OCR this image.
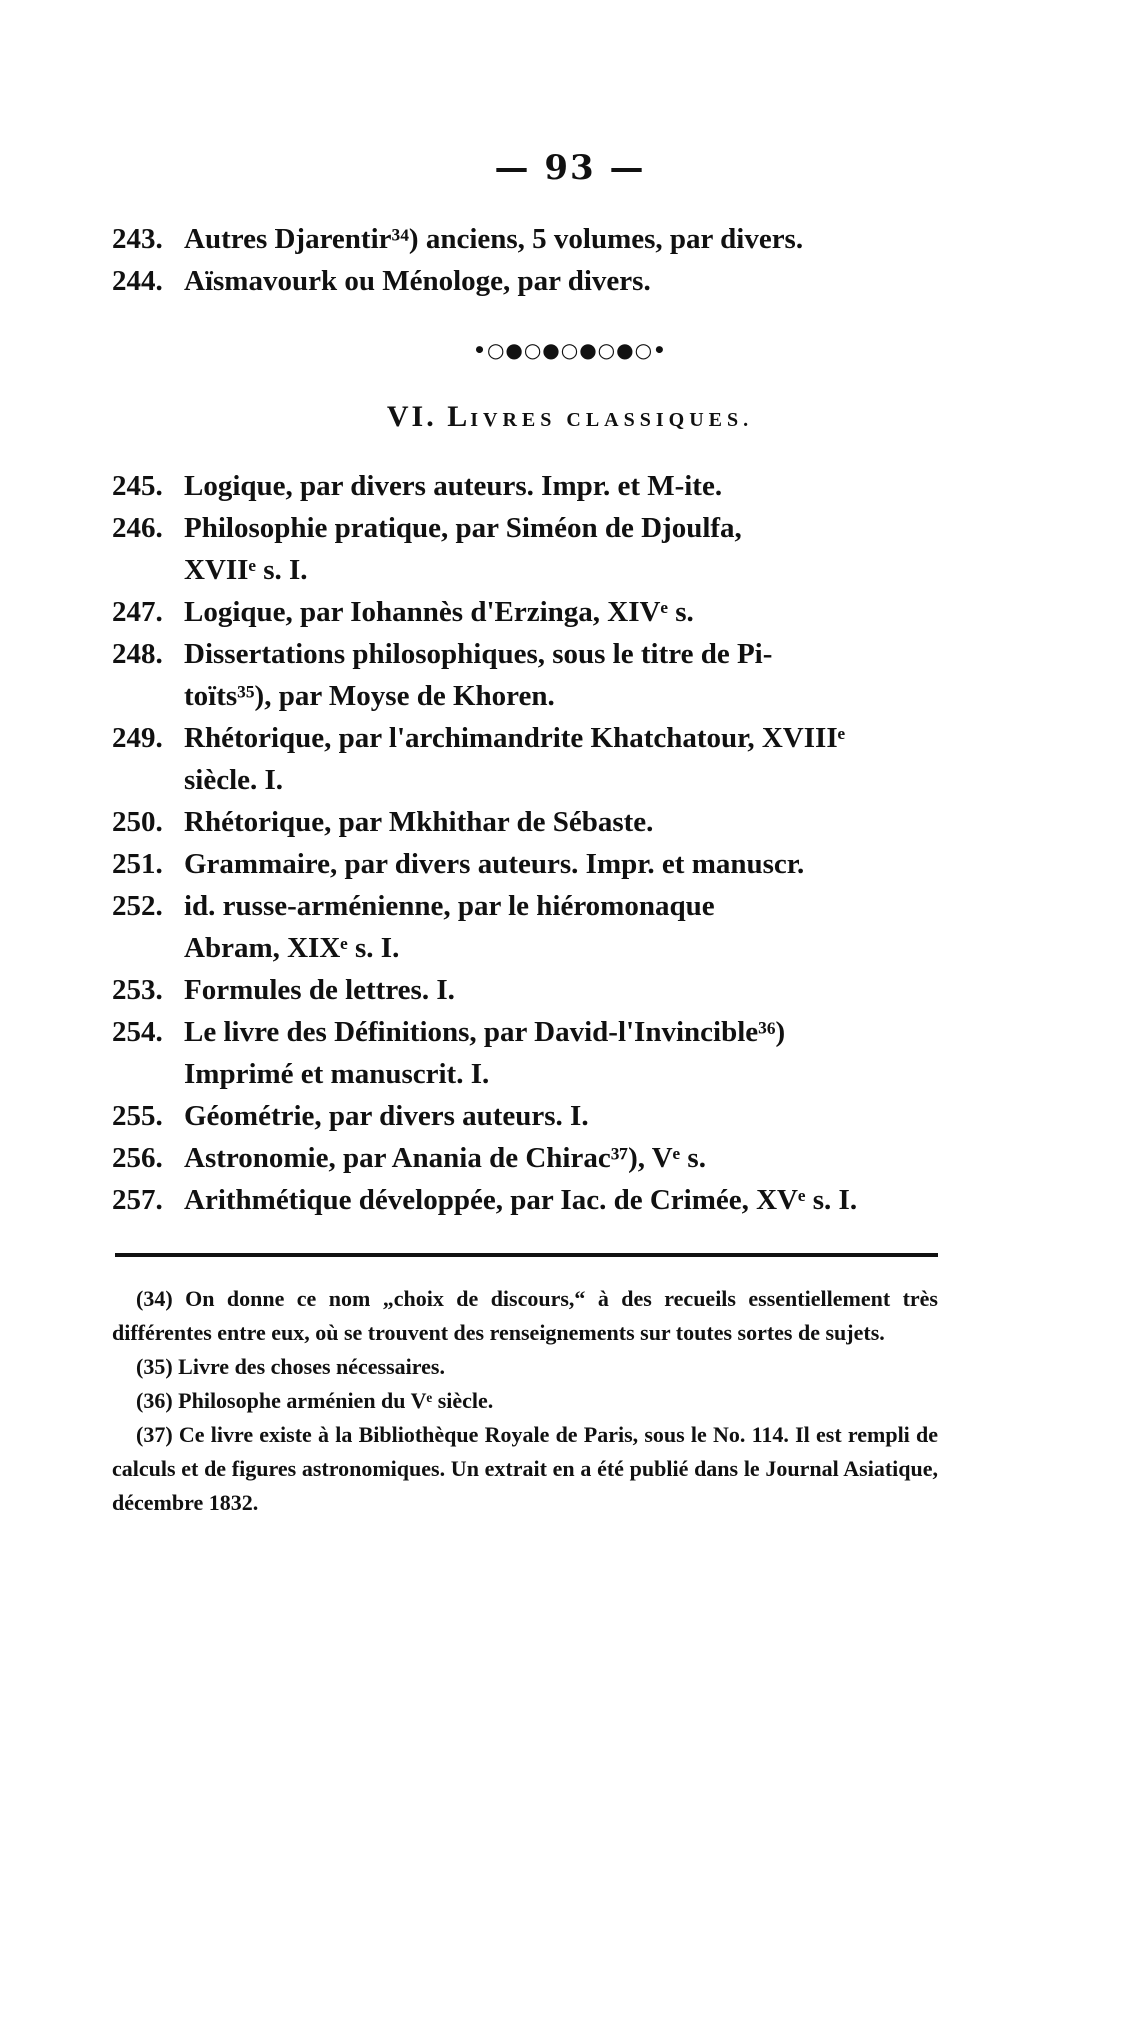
— 93 —
243. Autres Djarentir³⁴) anciens, 5 volumes, par divers.
244. Aïsmavourk ou Ménologe, par divers.
•○●○●○●○●○•
VI. LIVRES CLASSIQUES.
245. Logique, par divers auteurs. Impr. et M-ite.
246. Philosophie pratique, par Siméon de Djoulfa,
XVIIᵉ s. I.
247. Logique, par Iohannès d'Erzinga, XIVᵉ s.
248. Dissertations philosophiques, sous le titre de Pi-
toïts³⁵), par Moyse de Khoren.
249. Rhétorique, par l'archimandrite Khatchatour, XVIIIᵉ
siècle. I.
250. Rhétorique, par Mkhithar de Sébaste.
251. Grammaire, par divers auteurs. Impr. et manuscr.
252. id. russe-arménienne, par le hiéromonaque
Abram, XIXᵉ s. I.
253. Formules de lettres. I.
254. Le livre des Définitions, par David-l'Invincible³⁶)
Imprimé et manuscrit. I.
255. Géométrie, par divers auteurs. I.
256. Astronomie, par Anania de Chirac³⁷), Vᵉ s.
257. Arithmétique développée, par Iac. de Crimée, XVᵉ s. I.

(34) On donne ce nom „choix de discours,“ à des recueils essentiellement très différentes entre eux, où se trouvent des renseignements sur toutes sortes de sujets.

(35) Livre des choses nécessaires.

(36) Philosophe arménien du Vᵉ siècle.

(37) Ce livre existe à la Bibliothèque Royale de Paris, sous le No. 114. Il est rempli de calculs et de figures astronomiques. Un extrait en a été publié dans le Journal Asiatique, décembre 1832.
